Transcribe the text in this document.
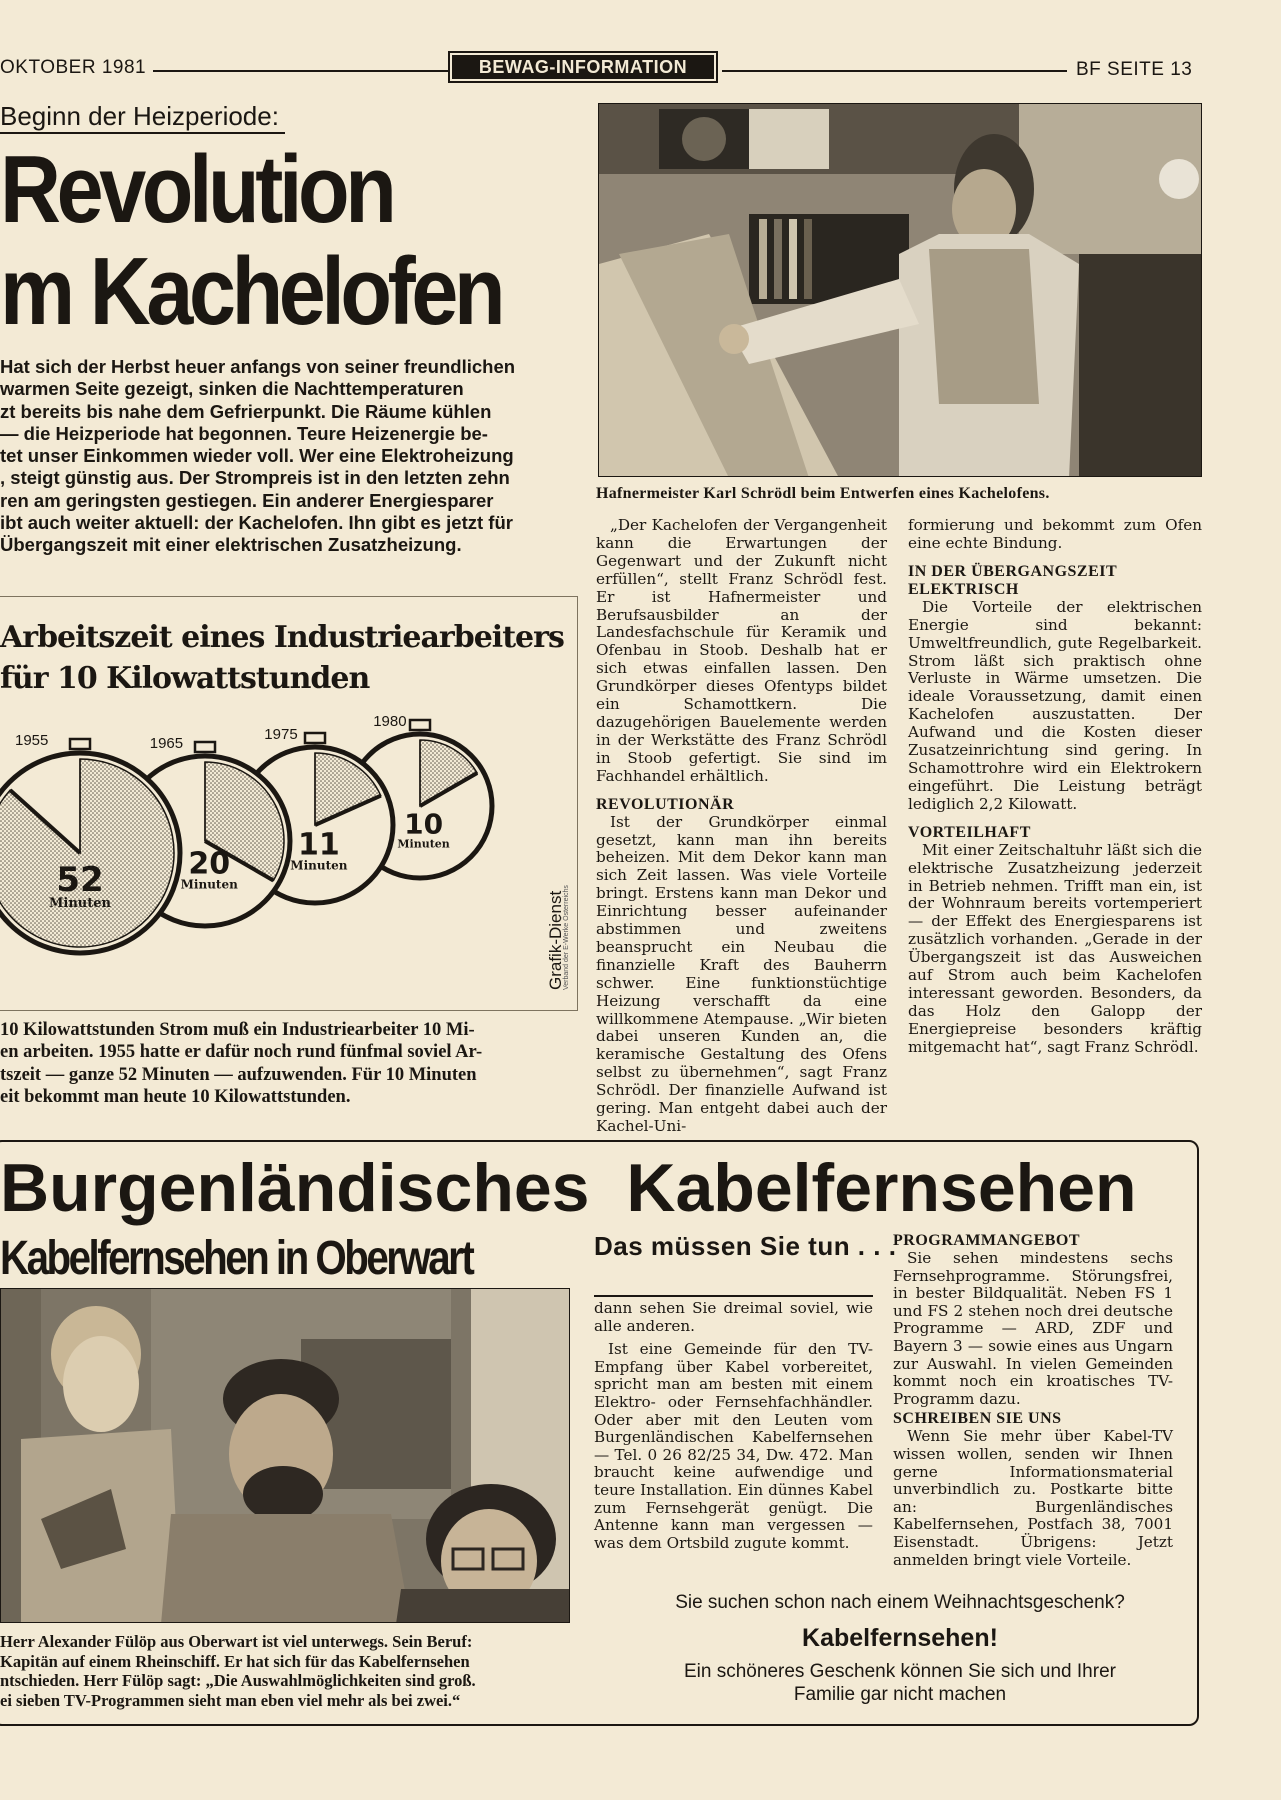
OKTOBER 1981	BEWAG-INFORMATION	BF SEITE 13
Beginn der Heizperiode:
Revolution
m Kachelofen
Hat sich der Herbst heuer anfangs von seiner freundlichen
warmen Seite gezeigt, sinken die Nachttemperaturen
zt bereits bis nahe dem Gefrierpunkt. Die Räume kühlen
— die Heizperiode hat begonnen. Teure Heizenergie be-
tet unser Einkommen wieder voll. Wer eine Elektroheizung
, steigt günstig aus. Der Strompreis ist in den letzten zehn
ren am geringsten gestiegen. Ein anderer Energiesparer
ibt auch weiter aktuell: der Kachelofen. Ihn gibt es jetzt für
Übergangszeit mit einer elektrischen Zusatzheizung.
Arbeitszeit eines Industriearbeiters
für 10 Kilowattstunden
1980
10
Minuten
1975
11
Minuten
1965
20
Minuten
1955
52
Minuten	Grafik-Dienst
Verband der E-Werke Österreichs
10 Kilowattstunden Strom muß ein Industriearbeiter 10 Mi-
en arbeiten. 1955 hatte er dafür noch rund fünfmal soviel Ar-
tszeit — ganze 52 Minuten — aufzuwenden. Für 10 Minuten
eit bekommt man heute 10 Kilowattstunden.
Hafnermeister Karl Schrödl beim Entwerfen eines Kachelofens.

„Der Kachelofen der Vergangenheit kann die Erwartungen der Gegenwart und der Zukunft nicht erfüllen“, stellt Franz Schrödl fest. Er ist Hafnermeister und Berufsausbilder an der Landesfachschule für Keramik und Ofenbau in Stoob. Deshalb hat er sich etwas einfallen lassen. Den Grundkörper dieses Ofentyps bildet ein Schamottkern. Die dazugehörigen Bauelemente werden in der Werkstätte des Franz Schrödl in Stoob gefertigt. Sie sind im Fachhandel erhältlich.

REVOLUTIONÄR

Ist der Grundkörper einmal gesetzt, kann man ihn bereits beheizen. Mit dem Dekor kann man sich Zeit lassen. Was viele Vorteile bringt. Erstens kann man Dekor und Einrichtung besser aufeinander abstimmen und zweitens beansprucht ein Neubau die finanzielle Kraft des Bauherrn schwer. Eine funktionstüchtige Heizung verschafft da eine willkommene Atempause. „Wir bieten dabei unseren Kunden an, die keramische Gestaltung des Ofens selbst zu übernehmen“, sagt Franz Schrödl. Der finanzielle Aufwand ist gering. Man entgeht dabei auch der Kachel-Uni-

formierung und bekommt zum Ofen eine echte Bindung.

IN DER ÜBERGANGSZEIT ELEKTRISCH

Die Vorteile der elektrischen Energie sind bekannt: Umweltfreundlich, gute Regelbarkeit. Strom läßt sich praktisch ohne Verluste in Wärme umsetzen. Die ideale Voraussetzung, damit einen Kachelofen auszustatten. Der Aufwand und die Kosten dieser Zusatzeinrichtung sind gering. In Schamottrohre wird ein Elektrokern eingeführt. Die Leistung beträgt lediglich 2,2 Kilowatt.

VORTEILHAFT

Mit einer Zeitschaltuhr läßt sich die elektrische Zusatzheizung jederzeit in Betrieb nehmen. Trifft man ein, ist der Wohnraum bereits vortemperiert — der Effekt des Energiesparens ist zusätzlich vorhanden. „Gerade in der Übergangszeit ist das Ausweichen auf Strom auch beim Kachelofen interessant geworden. Besonders, da das Holz den Galopp der Energiepreise besonders kräftig mitgemacht hat“, sagt Franz Schrödl.

Burgenländisches Kabelfernsehen
Kabelfernsehen in Oberwart
Herr Alexander Fülöp aus Oberwart ist viel unterwegs. Sein Beruf:
Kapitän auf einem Rheinschiff. Er hat sich für das Kabelfernsehen
ntschieden. Herr Fülöp sagt: „Die Auswahlmöglichkeiten sind groß.
ei sieben TV-Programmen sieht man eben viel mehr als bei zwei.“
Das müssen Sie tun . . .

dann sehen Sie dreimal soviel, wie alle anderen.

Ist eine Gemeinde für den TV-Empfang über Kabel vorbereitet, spricht man am besten mit einem Elektro- oder Fernsehfachhändler. Oder aber mit den Leuten vom Burgenländischen Kabelfernsehen — Tel. 0 26 82/25 34, Dw. 472. Man braucht keine aufwendige und teure Installation. Ein dünnes Kabel zum Fernsehgerät genügt. Die Antenne kann man vergessen — was dem Ortsbild zugute kommt.

PROGRAMMANGEBOT

Sie sehen mindestens sechs Fernsehprogramme. Störungsfrei, in bester Bildqualität. Neben FS 1 und FS 2 stehen noch drei deutsche Programme — ARD, ZDF und Bayern 3 — sowie eines aus Ungarn zur Auswahl. In vielen Gemeinden kommt noch ein kroatisches TV-Programm dazu.

SCHREIBEN SIE UNS

Wenn Sie mehr über Kabel-TV wissen wollen, senden wir Ihnen gerne Informationsmaterial unverbindlich zu. Postkarte bitte an: Burgenländisches Kabelfernsehen, Postfach 38, 7001 Eisenstadt. Übrigens: Jetzt anmelden bringt viele Vorteile.

Sie suchen schon nach einem Weihnachtsgeschenk?
Kabelfernsehen!
Ein schöneres Geschenk können Sie sich und Ihrer
Familie gar nicht machen
